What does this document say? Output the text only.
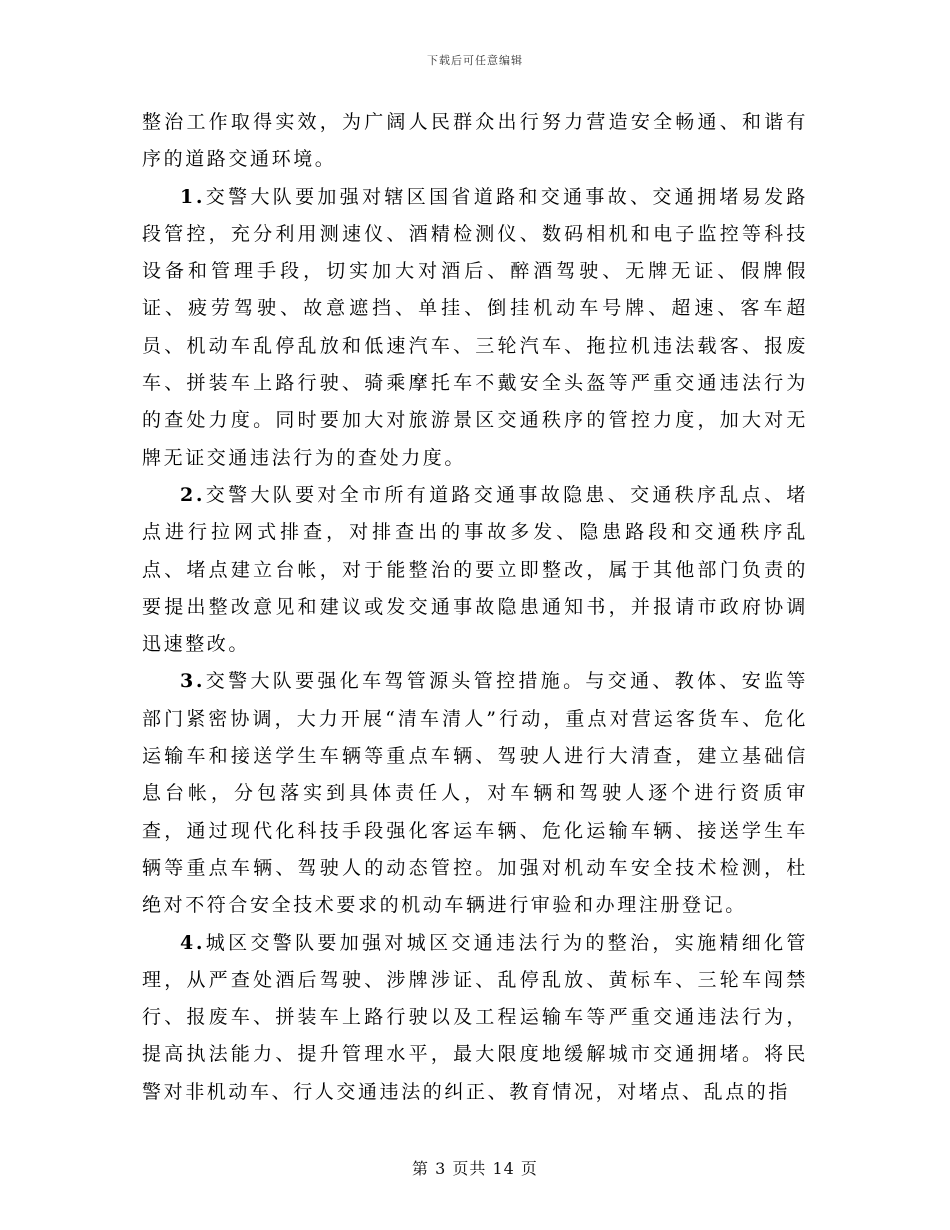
下载后可任意编辑

整治工作取得实效，为广阔人民群众出行努力营造安全畅通、和谐有序的道路交通环境。

1.交警大队要加强对辖区国省道路和交通事故、交通拥堵易发路段管控，充分利用测速仪、酒精检测仪、数码相机和电子监控等科技设备和管理手段，切实加大对酒后、醉酒驾驶、无牌无证、假牌假证、疲劳驾驶、故意遮挡、单挂、倒挂机动车号牌、超速、客车超员、机动车乱停乱放和低速汽车、三轮汽车、拖拉机违法载客、报废车、拼装车上路行驶、骑乘摩托车不戴安全头盔等严重交通违法行为的查处力度。同时要加大对旅游景区交通秩序的管控力度，加大对无牌无证交通违法行为的查处力度。

2.交警大队要对全市所有道路交通事故隐患、交通秩序乱点、堵点进行拉网式排查，对排查出的事故多发、隐患路段和交通秩序乱点、堵点建立台帐，对于能整治的要立即整改，属于其他部门负责的要提出整改意见和建议或发交通事故隐患通知书，并报请市政府协调迅速整改。

3.交警大队要强化车驾管源头管控措施。与交通、教体、安监等部门紧密协调，大力开展“清车清人”行动，重点对营运客货车、危化运输车和接送学生车辆等重点车辆、驾驶人进行大清查，建立基础信息台帐，分包落实到具体责任人，对车辆和驾驶人逐个进行资质审查，通过现代化科技手段强化客运车辆、危化运输车辆、接送学生车辆等重点车辆、驾驶人的动态管控。加强对机动车安全技术检测，杜绝对不符合安全技术要求的机动车辆进行审验和办理注册登记。

4.城区交警队要加强对城区交通违法行为的整治，实施精细化管理，从严查处酒后驾驶、涉牌涉证、乱停乱放、黄标车、三轮车闯禁行、报废车、拼装车上路行驶以及工程运输车等严重交通违法行为，提高执法能力、提升管理水平，最大限度地缓解城市交通拥堵。将民警对非机动车、行人交通违法的纠正、教育情况，对堵点、乱点的指

第 3 页共 14 页
